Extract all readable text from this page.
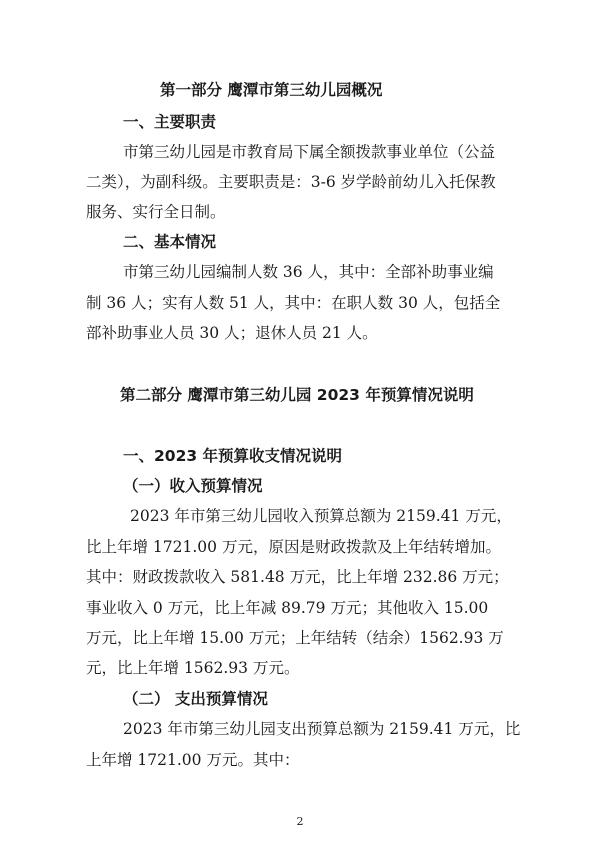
第一部分 鹰潭市第三幼儿园概况
一、主要职责
市第三幼儿园是市教育局下属全额拨款事业单位（公益
二类），为副科级。主要职责是：3-6 岁学龄前幼儿入托保教
服务、实行全日制。
二、基本情况
市第三幼儿园编制人数 36 人，其中：全部补助事业编
制 36 人；实有人数 51 人，其中：在职人数 30 人，包括全
部补助事业人员 30 人；退休人员 21 人。
第二部分 鹰潭市第三幼儿园 2023 年预算情况说明
一、2023 年预算收支情况说明
（一）收入预算情况
2023 年市第三幼儿园收入预算总额为 2159.41 万元，
比上年增 1721.00 万元，原因是财政拨款及上年结转增加。
其中：财政拨款收入 581.48 万元，比上年增 232.86 万元；
事业收入 0 万元，比上年减 89.79 万元；其他收入 15.00
万元，比上年增 15.00 万元；上年结转（结余）1562.93 万
元，比上年增 1562.93 万元。
（二） 支出预算情况
2023 年市第三幼儿园支出预算总额为 2159.41 万元，比
上年增 1721.00 万元。其中：
2
